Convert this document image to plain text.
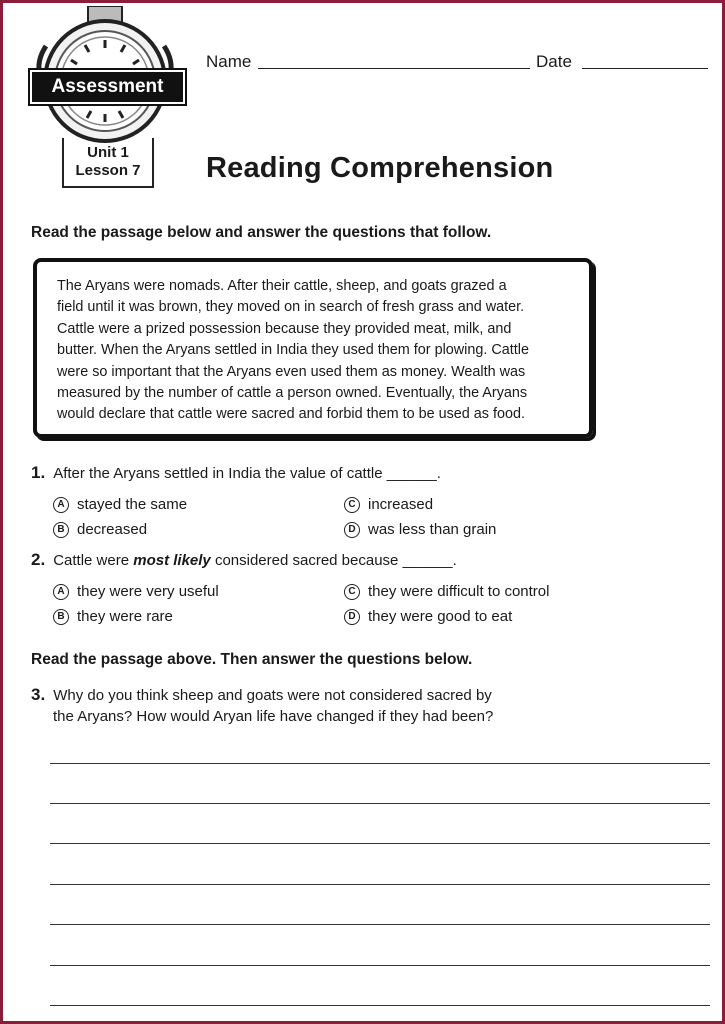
Assessment
Unit 1
Lesson 7
Name	Date
Reading Comprehension
Read the passage below and answer the questions that follow.

The Aryans were nomads. After their cattle, sheep, and goats grazed a
field until it was brown, they moved on in search of fresh grass and water.
Cattle were a prized possession because they provided meat, milk, and
butter. When the Aryans settled in India they used them for plowing. Cattle
were so important that the Aryans even used them as money. Wealth was
measured by the number of cattle a person owned. Eventually, the Aryans
would declare that cattle were sacred and forbid them to be used as food.

1. After the Aryans settled in India the value of cattle ______.
A stayed the same
B decreased
C increased
D was less than grain
2. Cattle were most likely considered sacred because ______.
A they were very useful
B they were rare
C they were difficult to control
D they were good to eat
Read the passage above. Then answer the questions below.
3. Why do you think sheep and goats were not considered sacred by
the Aryans? How would Aryan life have changed if they had been?
